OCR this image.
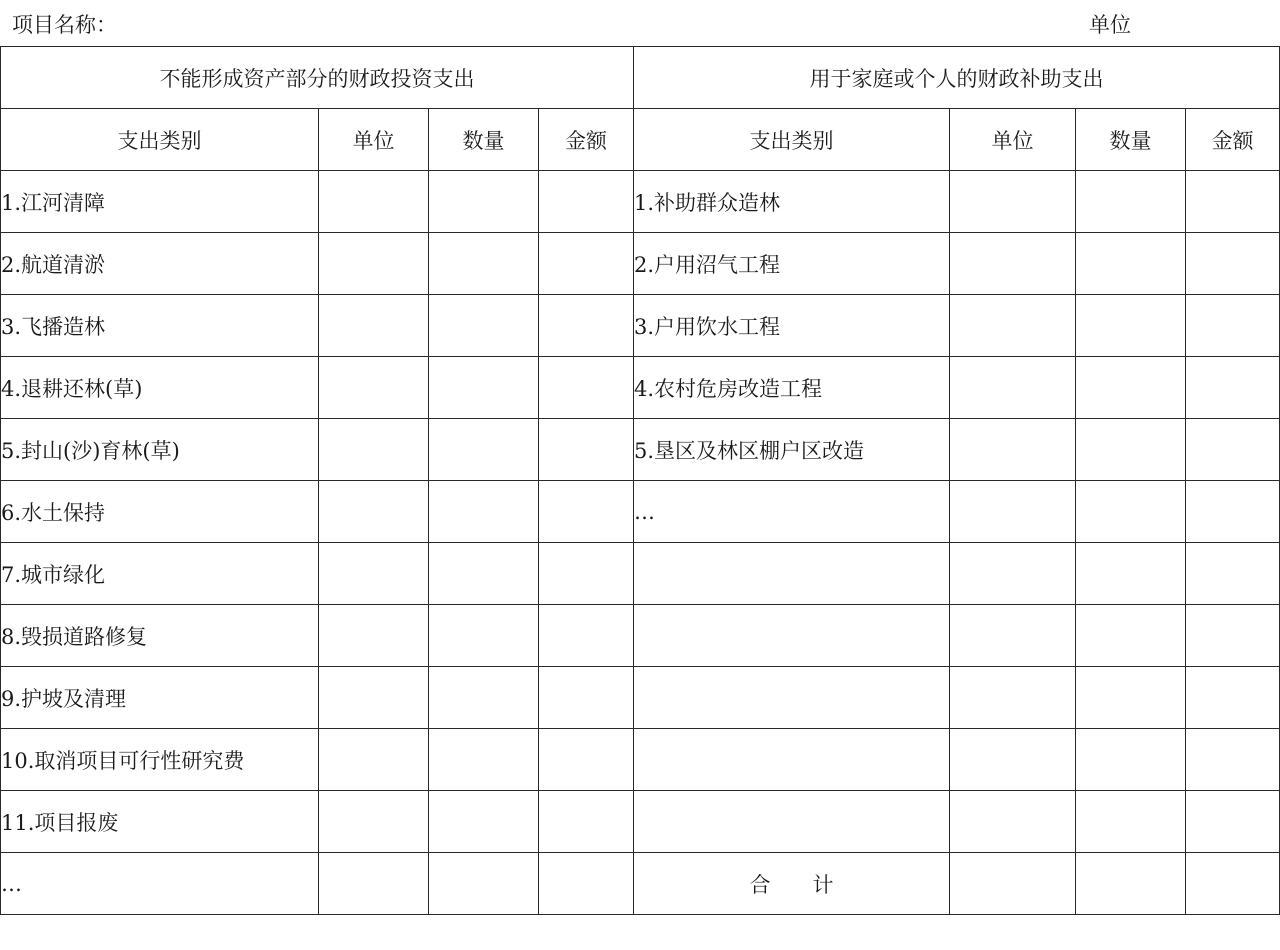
项目名称：	单位
不能形成资产部分的财政投资支出				用于家庭或个人的财政补助支出			
支出类别	单位	数量	金额	支出类别	单位	数量	金额
1.江河清障				1.补助群众造林			
2.航道清淤				2.户用沼气工程			
3.飞播造林				3.户用饮水工程			
4.退耕还林(草)				4.农村危房改造工程			
5.封山(沙)育林(草)				5.垦区及林区棚户区改造			
6.水土保持				…			
7.城市绿化							
8.毁损道路修复							
9.护坡及清理							
10.取消项目可行性研究费							
11.项目报废							
…				合 计			
